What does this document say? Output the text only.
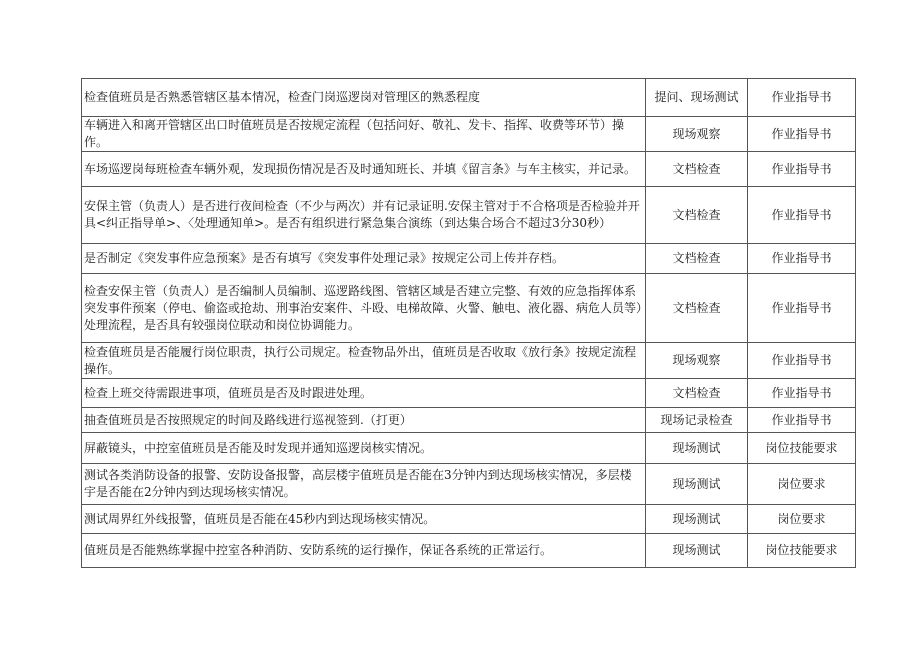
检查值班员是否熟悉管辖区基本情况，检查门岗巡逻岗对管理区的熟悉程度	提问、现场测试	作业指导书
车辆进入和离开管辖区出口时值班员是否按规定流程（包括问好、敬礼、发卡、指挥、收费等环节）操作。	现场观察	作业指导书
车场巡逻岗每班检查车辆外观，发现损伤情况是否及时通知班长、并填《留言条》与车主核实，并记录。	文档检查	作业指导书
安保主管（负责人）是否进行夜间检查（不少与两次）并有记录证明.安保主管对于不合格项是否检验并开具<纠正指导单>、〈处理通知单>。是否有组织进行紧急集合演练（到达集合场合不超过3分30秒）	文档检查	作业指导书
是否制定《突发事件应急预案》是否有填写《突发事件处理记录》按规定公司上传并存档。	文档检查	作业指导书
检查安保主管（负责人）是否编制人员编制、巡逻路线图、管辖区域是否建立完整、有效的应急指挥体系突发事件预案（停电、偷盗或抢劫、刑事治安案件、斗殴、电梯故障、火警、触电、液化器、病危人员等）处理流程，是否具有较强岗位联动和岗位协调能力。	文档检查	作业指导书
检查值班员是否能履行岗位职责，执行公司规定。检查物品外出，值班员是否收取《放行条》按规定流程操作。	现场观察	作业指导书
检查上班交待需跟进事项，值班员是否及时跟进处理。	文档检查	作业指导书
抽查值班员是否按照规定的时间及路线进行巡视签到.（打更）	现场记录检查	作业指导书
屏蔽镜头，中控室值班员是否能及时发现并通知巡逻岗核实情况。	现场测试	岗位技能要求
测试各类消防设备的报警、安防设备报警，高层楼宇值班员是否能在3分钟内到达现场核实情况，多层楼宇是否能在2分钟内到达现场核实情况。	现场测试	岗位要求
测试周界红外线报警，值班员是否能在45秒内到达现场核实情况。	现场测试	岗位要求
值班员是否能熟练掌握中控室各种消防、安防系统的运行操作，保证各系统的正常运行。	现场测试	岗位技能要求
